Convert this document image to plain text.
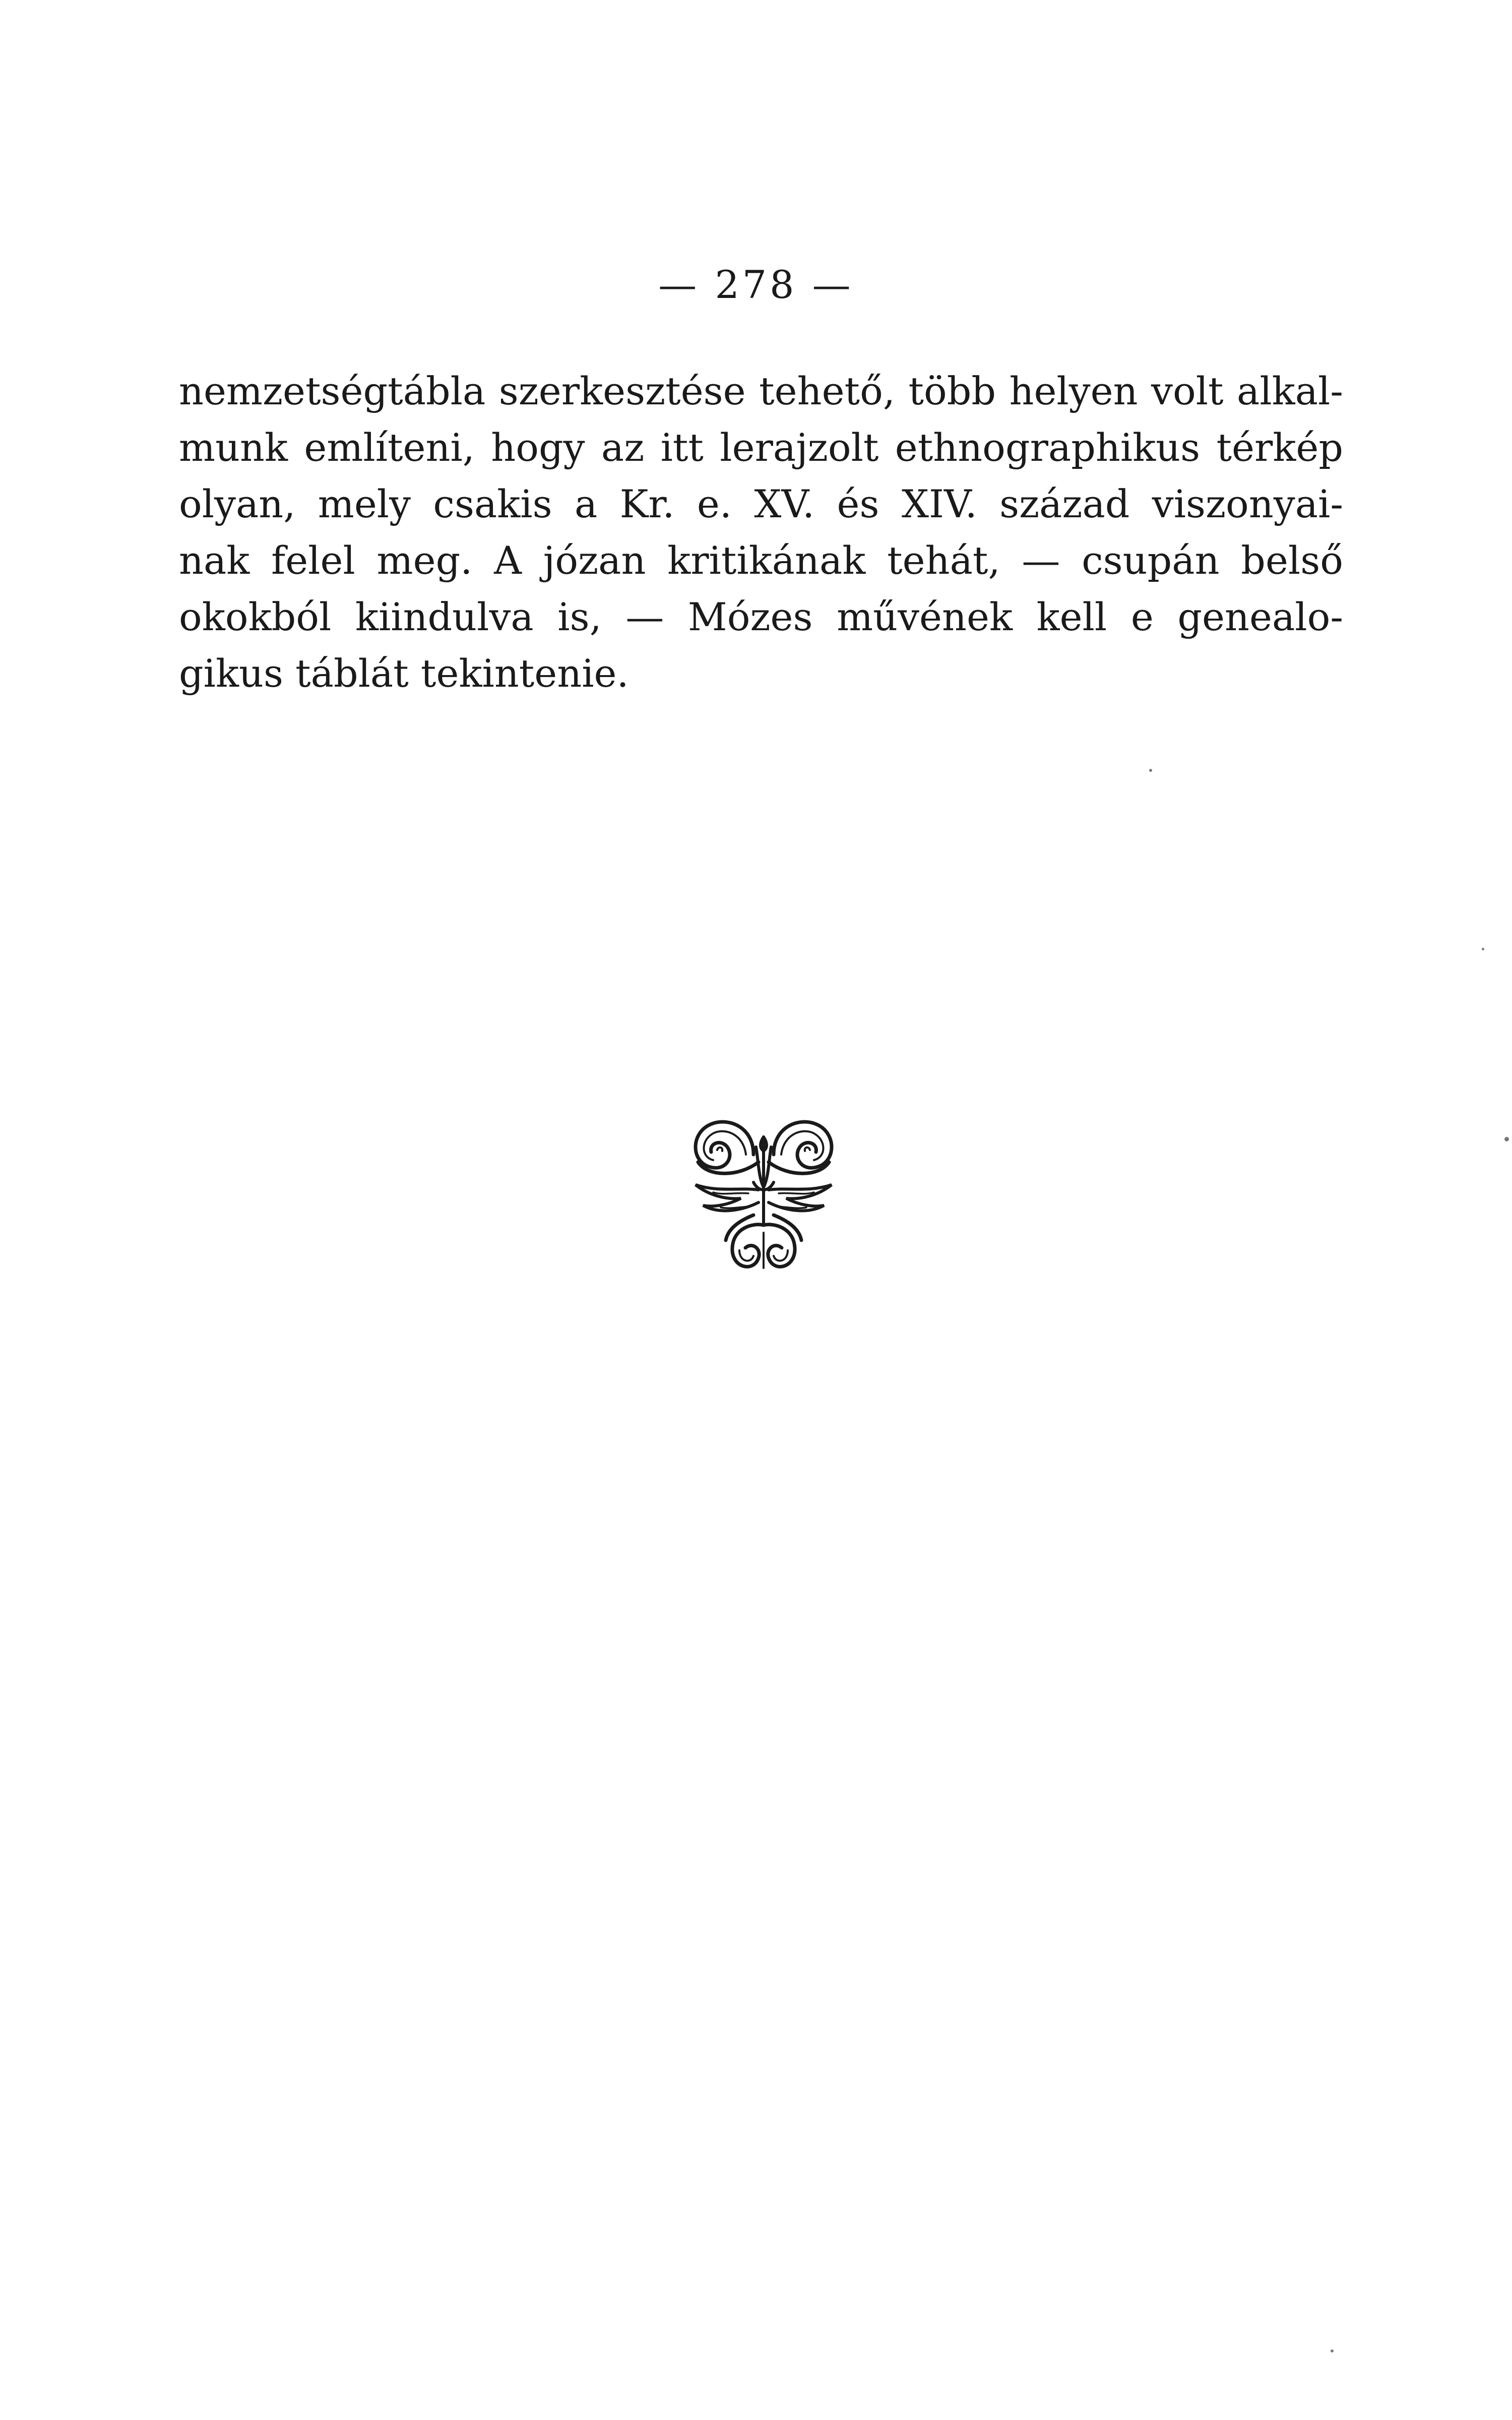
— 278 —
nemzetségtábla szerkesztése tehető, több helyen volt alkal-
munk említeni, hogy az itt lerajzolt ethnographikus térkép
olyan, mely csakis a Kr. e. XV. és XIV. század viszonyai-
nak felel meg. A józan kritikának tehát, — csupán belső
okokból kiindulva is, — Mózes művének kell e genealo-
gikus táblát tekintenie.
